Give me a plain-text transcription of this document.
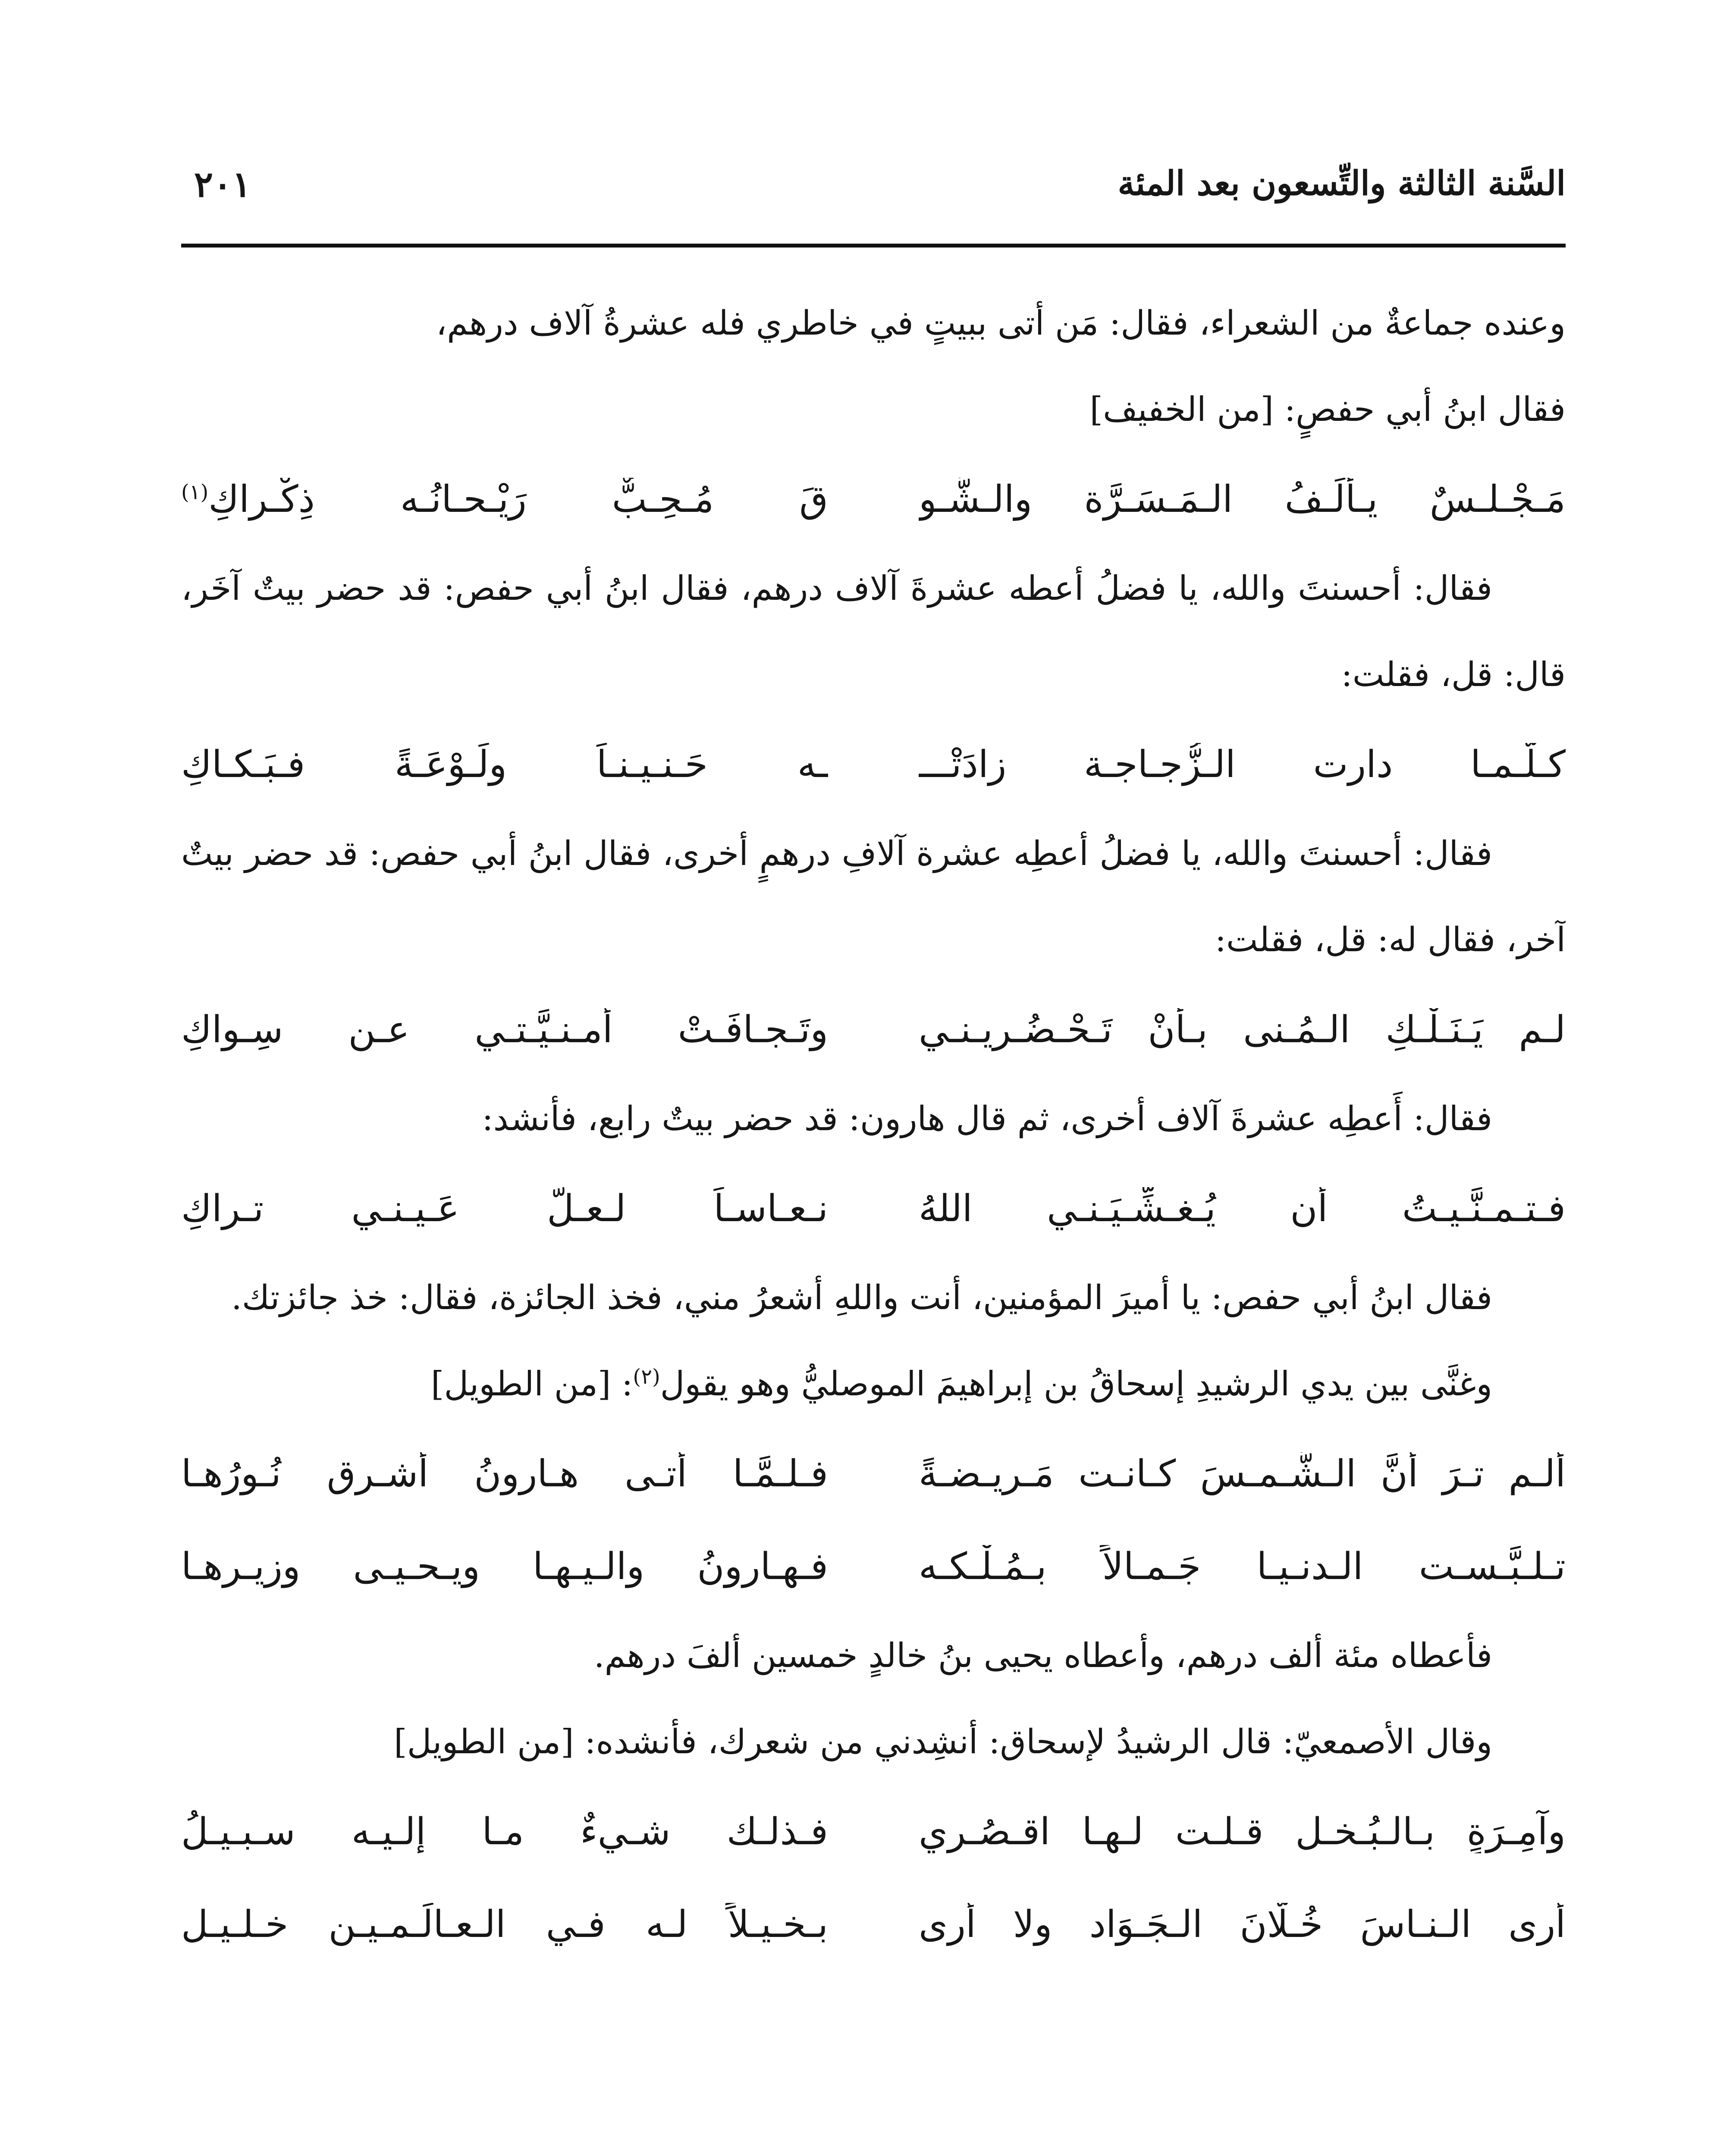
السَّنة الثالثة والتِّسعون بعد المئة
٢٠١

وعنده جماعةٌ من الشعراء، فقال: مَن أتى ببيتٍ في خاطري فله عشرةُ آلاف درهم،

فقال ابنُ أبي حفصٍ: [من الخفيف]

مَـجْـلـسٌ يـأْلَـفُ الـمَـسَـرَّة والـشَّـو
قَ مُـحِـبٌّ رَيْـحـانُـه ذِكْـراكِ$^{(١)}$

فقال: أحسنتَ والله، يا فضلُ أعطه عشرةَ آلاف درهم، فقال ابنُ أبي حفص: قد حضر بيتٌ آخَر، قال: قل، فقلت:

كـلَّـمـا دارت الـزُّجـاجـة زادَتْـــ
ـه حَـنـيـنـاً ولَـوْعَـةً فـبَـكـاكِ

فقال: أحسنتَ والله، يا فضلُ أعطِه عشرة آلافِ درهمٍ أخرى، فقال ابنُ أبي حفص: قد حضر بيتٌ آخر، فقال له: قل، فقلت:

لـم يَـنَـلْـكِ الـمُـنى بـأنْ تَـحْـضُـريـنـي
وتَـجـافَـتْ أُمـنـيَّـتـي عـن سِـواكِ

فقال: أَعطِه عشرةَ آلاف أخرى، ثم قال هارون: قد حضر بيتٌ رابع، فأنشد:

فـتـمـنَّـيـتُ أن يُـغـشِّـيَـنـي اللهُ
نـعـاسـاً لـعـلَّ عَـيـنـي تـراكِ

فقال ابنُ أبي حفص: يا أميرَ المؤمنين، أنت واللهِ أشعرُ مني، فخذ الجائزة، فقال: خذ جائزتك.

وغنَّى بين يدي الرشيدِ إسحاقُ بن إبراهيمَ الموصليُّ وهو يقول$^{(٢)}$: [من الطويل]

ألـم تـرَ أنَّ الـشَّـمـسَ كـانـت مَـريـضـةً
فـلـمَّـا أتـى هـارونُ أشـرق نُـورُهـا
تـلـبَّـسـت الـدنـيـا جَـمـالاً بـمُـلْـكـه
فـهـارونُ والـيـهـا ويـحـيـى وزيـرهـا

فأعطاه مئة ألف درهم، وأعطاه يحيى بنُ خالدٍ خمسين ألفَ درهم.

وقال الأصمعيّ: قال الرشيدُ لإسحاق: أنشِدني من شعرك، فأنشده: [من الطويل]

وآمِـرَةٍ بـالـبُـخـل قـلـت لـهـا اقـصُـري
فـذلـك شـيءٌ مـا إلـيـه سـبـيـلُ
أرى الـنـاسَ خُـلَّانَ الـجَـوَاد ولا أرى
بـخـيـلاً لـه فـي الـعـالَـمـيـن خـلـيـل
